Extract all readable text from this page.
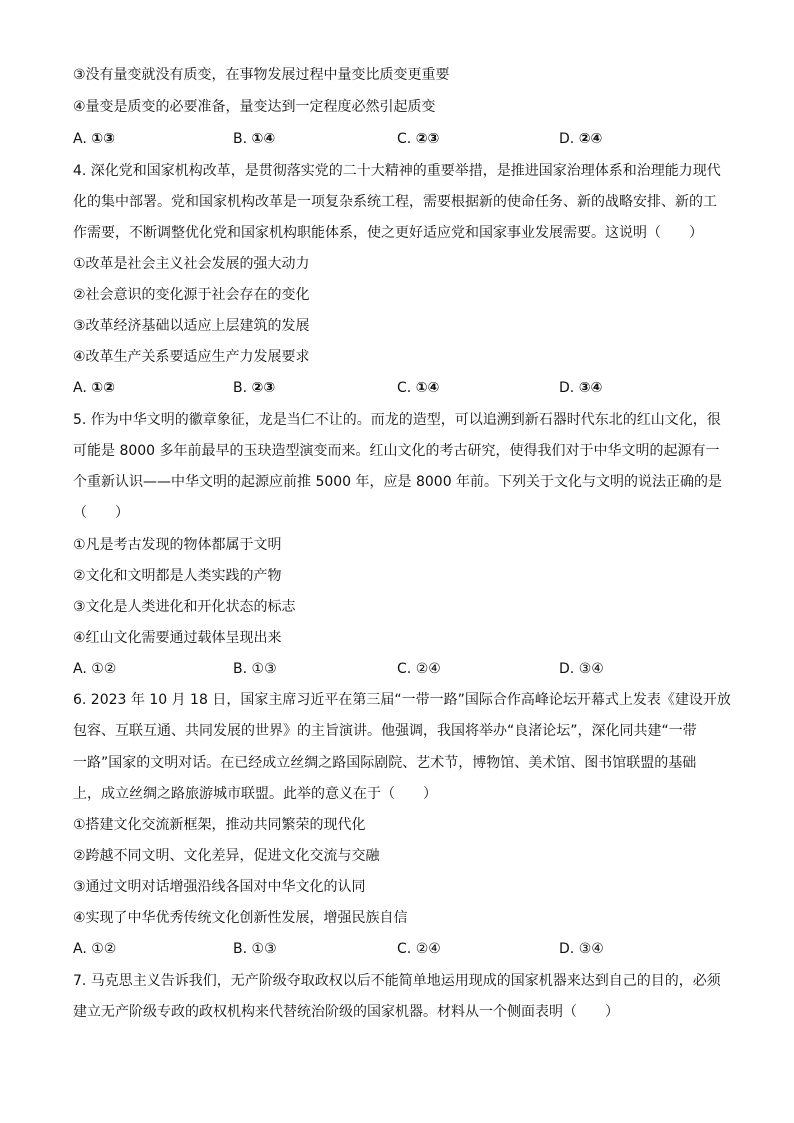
③没有量变就没有质变，在事物发展过程中量变比质变更重要
④量变是质变的必要准备，量变达到一定程度必然引起质变
A. ①③	B. ①④	C. ②③	D. ②④
4. 深化党和国家机构改革，是贯彻落实党的二十大精神的重要举措，是推进国家治理体系和治理能力现代
化的集中部署。党和国家机构改革是一项复杂系统工程，需要根据新的使命任务、新的战略安排、新的工
作需要，不断调整优化党和国家机构职能体系，使之更好适应党和国家事业发展需要。这说明（　　）
①改革是社会主义社会发展的强大动力
②社会意识的变化源于社会存在的变化
③改革经济基础以适应上层建筑的发展
④改革生产关系要适应生产力发展要求
A. ①②	B. ②③	C. ①④	D. ③④
5. 作为中华文明的徽章象征，龙是当仁不让的。而龙的造型，可以追溯到新石器时代东北的红山文化，很
可能是 8000 多年前最早的玉玦造型演变而来。红山文化的考古研究，使得我们对于中华文明的起源有一
个重新认识——中华文明的起源应前推 5000 年，应是 8000 年前。下列关于文化与文明的说法正确的是
（　　）
①凡是考古发现的物体都属于文明
②文化和文明都是人类实践的产物
③文化是人类进化和开化状态的标志
④红山文化需要通过载体呈现出来
A. ①②	B. ①③	C. ②④	D. ③④
6. 2023 年 10 月 18 日，国家主席习近平在第三届“一带一路”国际合作高峰论坛开幕式上发表《建设开放
包容、互联互通、共同发展的世界》的主旨演讲。他强调，我国将举办“良渚论坛”，深化同共建“一带
一路”国家的文明对话。在已经成立丝绸之路国际剧院、艺术节，博物馆、美术馆、图书馆联盟的基础
上，成立丝绸之路旅游城市联盟。此举的意义在于（　　）
①搭建文化交流新框架，推动共同繁荣的现代化
②跨越不同文明、文化差异，促进文化交流与交融
③通过文明对话增强沿线各国对中华文化的认同
④实现了中华优秀传统文化创新性发展，增强民族自信
A. ①②	B. ①③	C. ②④	D. ③④
7. 马克思主义告诉我们，无产阶级夺取政权以后不能简单地运用现成的国家机器来达到自己的目的，必须
建立无产阶级专政的政权机构来代替统治阶级的国家机器。材料从一个侧面表明（　　）
